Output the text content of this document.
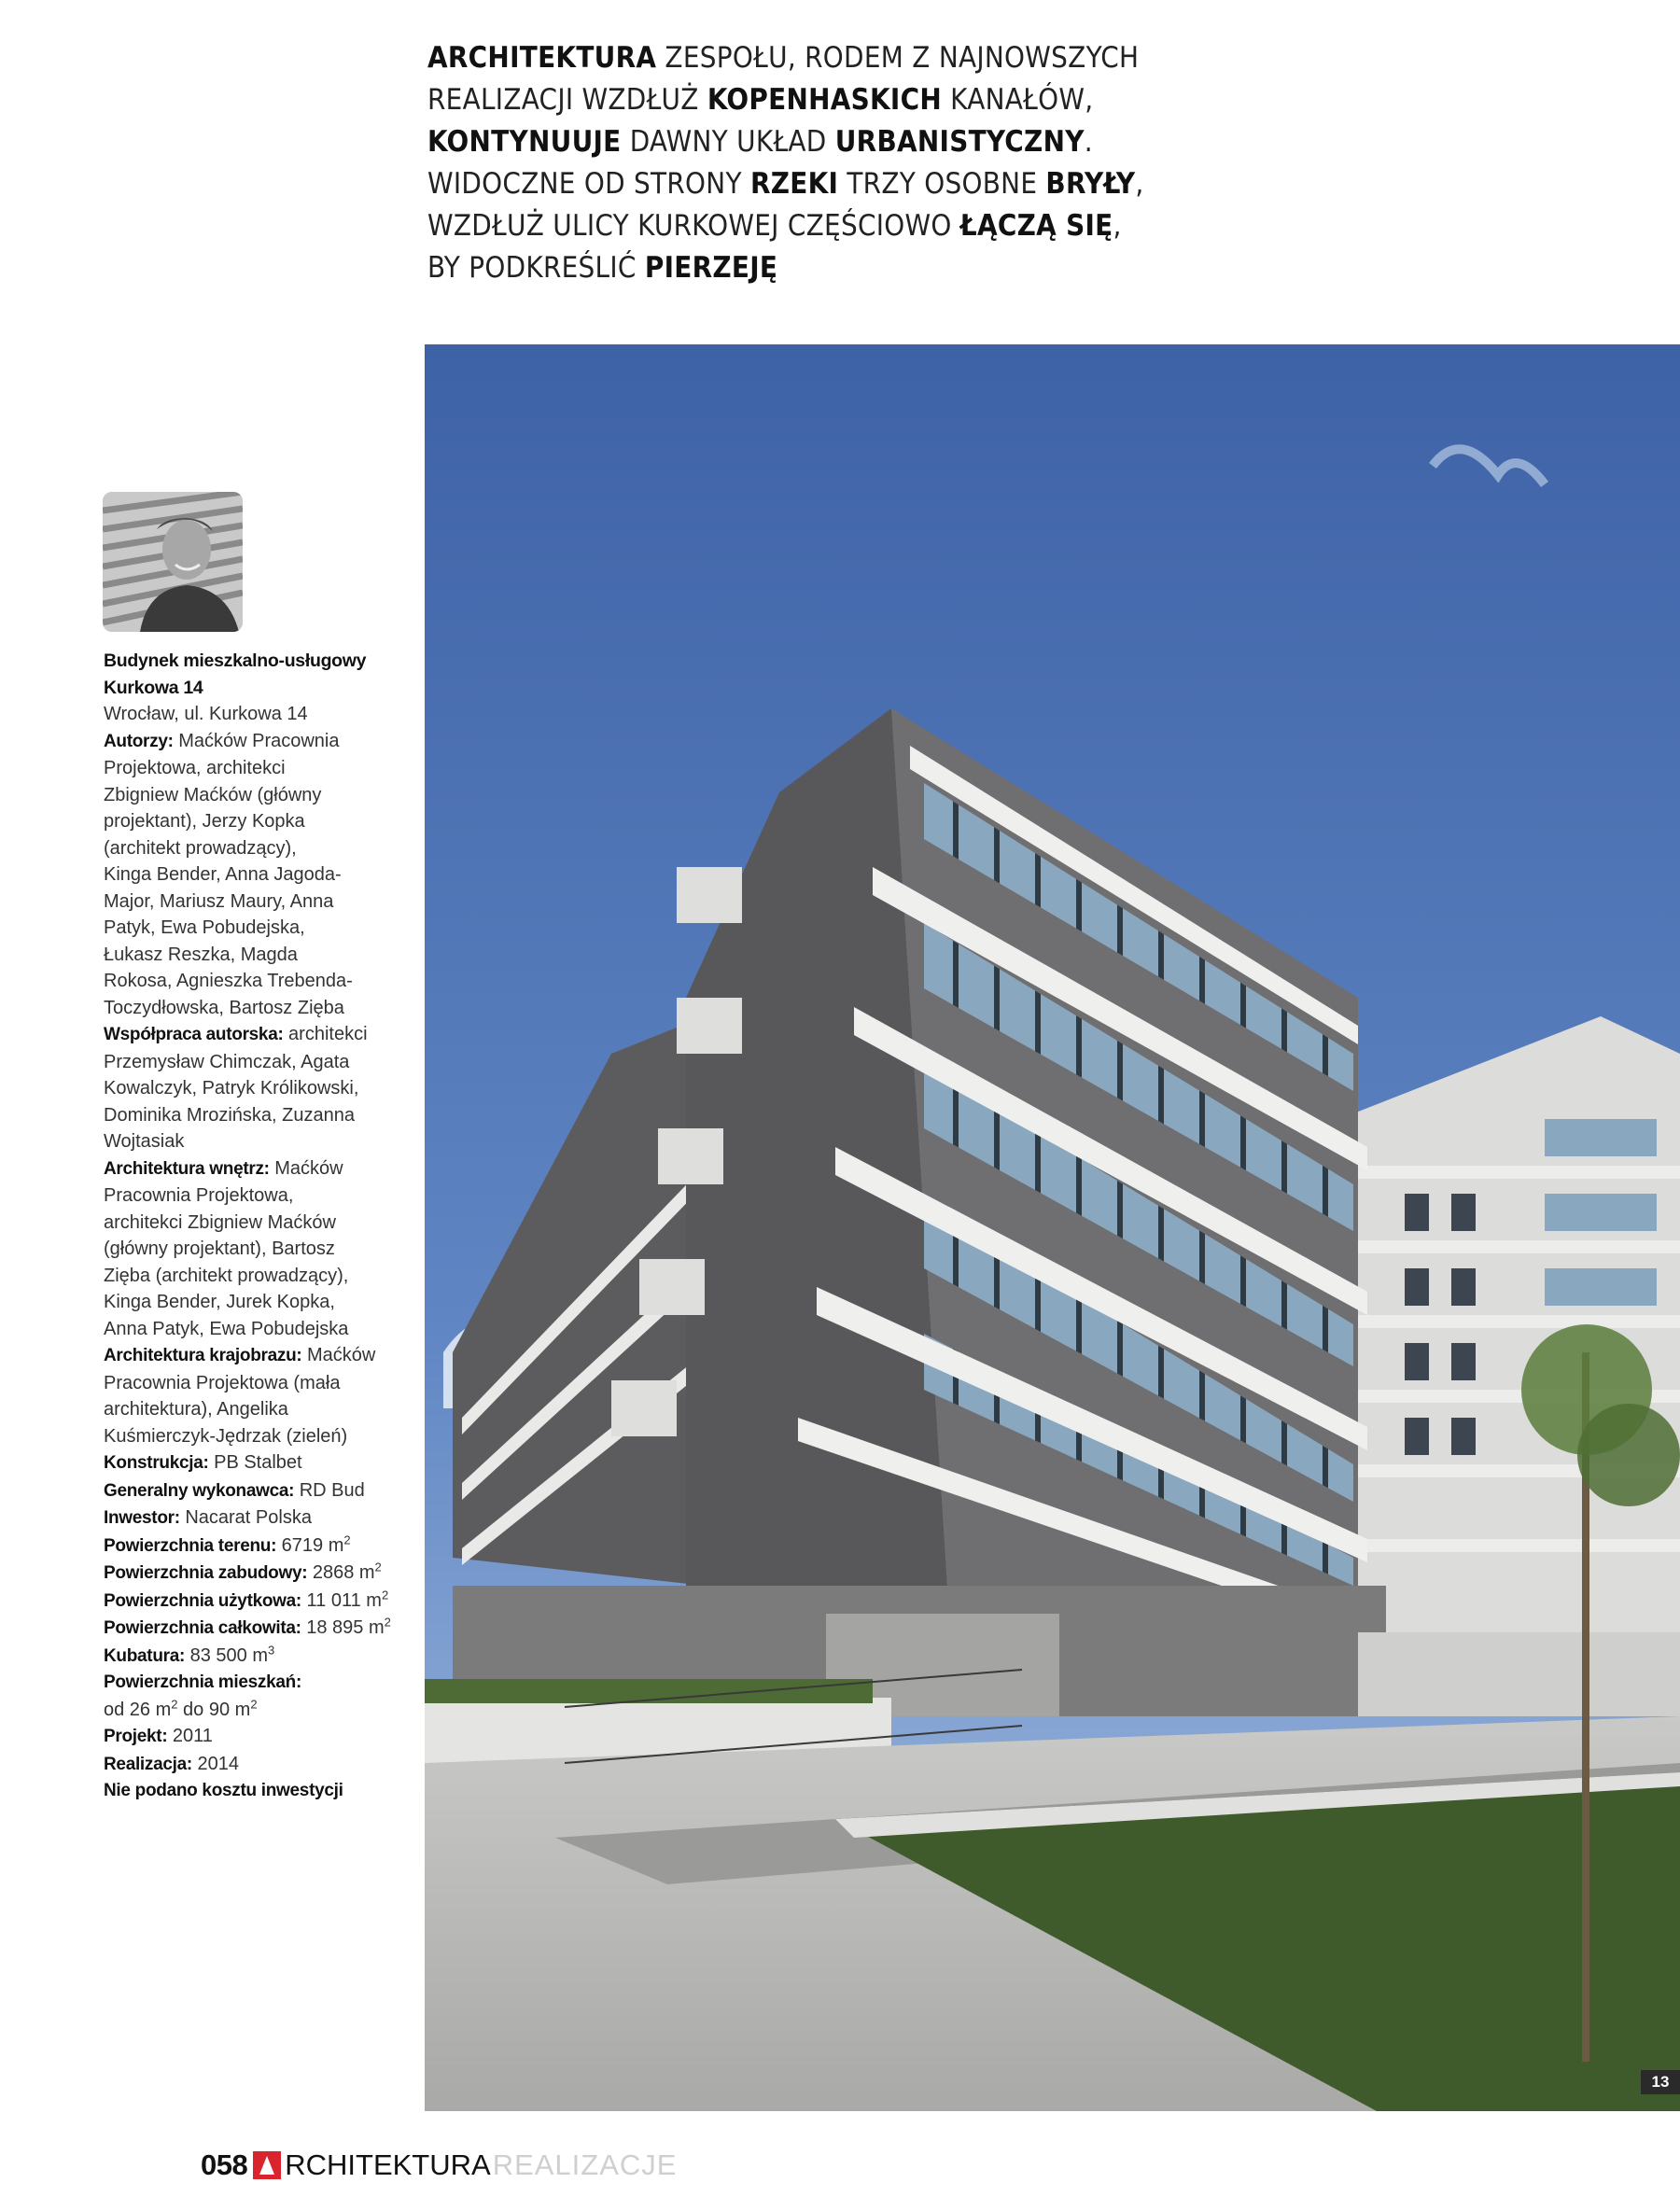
ARCHITEKTURA ZESPOŁU, RODEM Z NAJNOWSZYCH
REALIZACJI WZDŁUŻ KOPENHASKICH KANAŁÓW,
KONTYNUUJE DAWNY UKŁAD URBANISTYCZNY.
WIDOCZNE OD STRONY RZEKI TRZY OSOBNE BRYŁY,
WZDŁUŻ ULICY KURKOWEJ CZĘŚCIOWO ŁĄCZĄ SIĘ,
BY PODKREŚLIĆ PIERZEJĘ
Budynek mieszkalno-usługowy
Kurkowa 14
Wrocław, ul. Kurkowa 14
Autorzy: Maćków Pracownia
Projektowa, architekci
Zbigniew Maćków (główny
projektant), Jerzy Kopka
(architekt prowadzący),
Kinga Bender, Anna Jagoda-
Major, Mariusz Maury, Anna
Patyk, Ewa Pobudejska,
Łukasz Reszka, Magda
Rokosa, Agnieszka Trebenda-
Toczydłowska, Bartosz Zięba
Współpraca autorska: architekci
Przemysław Chimczak, Agata
Kowalczyk, Patryk Królikowski,
Dominika Mrozińska, Zuzanna
Wojtasiak
Architektura wnętrz: Maćków
Pracownia Projektowa,
architekci Zbigniew Maćków
(główny projektant), Bartosz
Zięba (architekt prowadzący),
Kinga Bender, Jurek Kopka,
Anna Patyk, Ewa Pobudejska
Architektura krajobrazu: Maćków
Pracownia Projektowa (mała
architektura), Angelika
Kuśmierczyk-Jędrzak (zieleń)
Konstrukcja: PB Stalbet
Generalny wykonawca: RD Bud
Inwestor: Nacarat Polska
Powierzchnia terenu: 6719 $m^2$
Powierzchnia zabudowy: 2868 $m^2$
Powierzchnia użytkowa: 11 011 $m^2$
Powierzchnia całkowita: 18 895 $m^2$
Kubatura: 83 500 $m^3$
Powierzchnia mieszkań:
od 26 $m^2$ do 90 $m^2$
Projekt: 2011
Realizacja: 2014
Nie podano kosztu inwestycji
13
058 RCHITEKTURA REALIZACJE
